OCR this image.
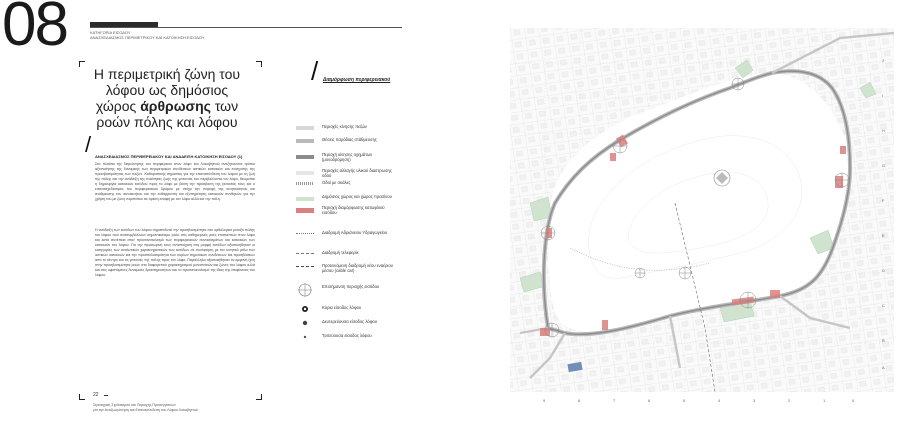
08	ΚΑΤΗΓΟΡΙΑ ΕΙΣΟΔΟΥ
ΑΝΑΣΧΕΔΙΑΣΜΟΣ ΠΕΡΙΜΕΤΡΙΚΟΥ ΚΑΙ ΚΑΤΟΙΚΗΣΗ ΕΙΣΟΔΟΥ
Η περιμετρική ζώνη του
λόφου ως δημόσιος
χώρος άρθρωσης των
ροών πόλης και λόφου
/ ΑΝΑΣΧΕΔΙΑΣΜΟΣ ΠΕΡΙΦΕΡΕΙΑΚΟΥ ΚΑΙ ΑΝΑΔΕΙΞΗ ΚΑΤΟΙΚΗΣΗ ΕΙΣΟΔΟΥ (1)
Στα πλαίσια της διερεύνησης του περιφέρειου στον λόφο του Λυκαβηττού αναζητούνται τρόποι αξιοποίησης της δυναμικής των περιμετρικών συνδέσεων αστικών κατοικιών και ενίσχυσης της προσβασιμότητας των πεζών. Καθοριστικής σημασίας για την επανασύνδεση του λόφου με τη ζωή της πόλης και την ανάδειξη της ποιότητας ζωής της γειτονιάς του περιβάλλοντα τον λόφο, θεωρείται η δημιουργία κατοικιών εισόδου προς το λόφο με βάση την πρόσβαση της γειτονιάς τους και ο επανασχεδιασμός του περιφερειακού δρόμου με στόχο την παροχή της κινητικότητας και στάθμευσης του αυτοκινήτου και την ενθάρρυνση και εξυπηρέτηση κατοικιών συνθηκών για την χρήση του με ζώνη περιπάτου σε άμεση επαφή με τον λόφο αλλά και την πόλη.
Η ανάδειξη των εισόδων του λόφου σηματοδοτεί την προσβασιμότητα στο ορθολογικό μεταξύ πόλης και λόφου που ανασυμβάλλουν σημαντικότερο ρόλο στις καθημερινές ροές επισκεπτών στον λόφο και κατά συνέπεια στον προσανατολισμό των περιφερειακών συνοικισμάτων και κατοικιών των κατοικιών του λόφου. Για την προσωρινή τους αντιστοίχιση στη μορφή εισόδων αξιοποιήθηκαν οι κατηγορίες των αναλυτικών χαρακτηριστικών των εισόδων σε συνάρτηση με τον κινητικό ρόλο των αστικών κατοικιών και την προσπελασιμότητα των κυρίων σημειακών συνδέσεων και προσβάσεων από το κέντρο και τις γειτονιές της πόλης προς τον λόφο. Παράλληλα αξιοποιήθηκαν τα εμφανή ίχνη στην προσβασιμότητα ροών στο διαφορετικό χαρακτηρισμού μονοπατιών και ζώνες του λόφου αλλά και στις υφιστάμενες δυναμικές δραστηριοτήτων και το προσανατολισμό της ίδιας της επιφάνειας του λόφου.
22
Στρατηγική Σχεδιασμού και Περιοχής Προσεγγίσεων
για την Αναζωογόνηση και Επανασύνδεση του Λόφου Λυκαβηττού
/ Διαμόρφωση περιφερειακού
Περιοχές κίνησης πεζών
Θέσεις παρόδιας στάθμευσης
Περιοχή κίνησης οχημάτων (μονοδρόμηση)
Περιοχές αλλαγής υλικού διαστρωσης οδού
Οδοί με σκάλες
Δημόσιος χώρος και χώρος πρασίνου
Περιοχή διαμόρφωσης κατωφλιού εισόδου
Διαδρομή Αδριάνειου Υδραγωγείου
Διαδρομή τελεφερίκ
Προτεινόμενη διαδρομή νέου εναέριου μέσου (cable car)
Επισήμανση περιοχής εισόδου
Κύρια είσοδος λόφου
Δευτερεύουσα είσοδος λόφου
Τριτεύουσα είσοδος λόφου
J
I
H
G
F
E
D
C
B
A
9	8	7	6	5	4	3	2	1	0
